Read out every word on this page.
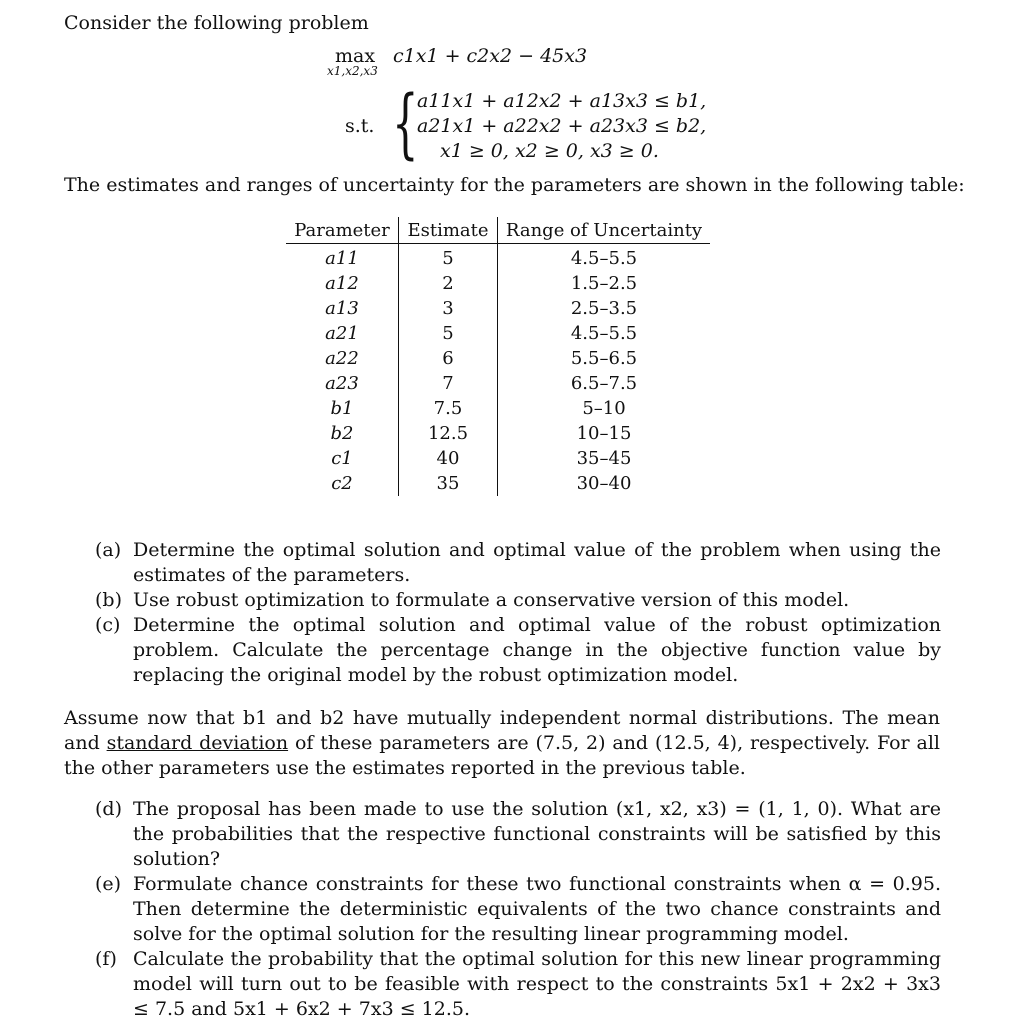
Consider the following problem
max
x1,x2,x3
c1x1 + c2x2 − 45x3
s.t. {
a11x1 + a12x2 + a13x3 ≤ b1,
a21x1 + a22x2 + a23x3 ≤ b2,
x1 ≥ 0, x2 ≥ 0, x3 ≥ 0.
The estimates and ranges of uncertainty for the parameters are shown in the following table:
Parameter	Estimate	Range of Uncertainty
a11	5	4.5–5.5
a12	2	1.5–2.5
a13	3	2.5–3.5
a21	5	4.5–5.5
a22	6	5.5–6.5
a23	7	6.5–7.5
b1	7.5	5–10
b2	12.5	10–15
c1	40	35–45
c2	35	30–40
(a) Determine the optimal solution and optimal value of the problem when using the estimates of the parameters.
(b) Use robust optimization to formulate a conservative version of this model.
(c) Determine the optimal solution and optimal value of the robust optimization problem. Calculate the percentage change in the objective function value by replacing the original model by the robust optimization model.
Assume now that b1 and b2 have mutually independent normal distributions. The mean and standard deviation of these parameters are (7.5, 2) and (12.5, 4), respectively. For all the other parameters use the estimates reported in the previous table.
(d) The proposal has been made to use the solution (x1, x2, x3) = (1, 1, 0). What are the probabilities that the respective functional constraints will be satisfied by this solution?
(e) Formulate chance constraints for these two functional constraints when α = 0.95. Then determine the deterministic equivalents of the two chance constraints and solve for the optimal solution for the resulting linear programming model.
(f) Calculate the probability that the optimal solution for this new linear programming model will turn out to be feasible with respect to the constraints 5x1 + 2x2 + 3x3 ≤ 7.5 and 5x1 + 6x2 + 7x3 ≤ 12.5.
